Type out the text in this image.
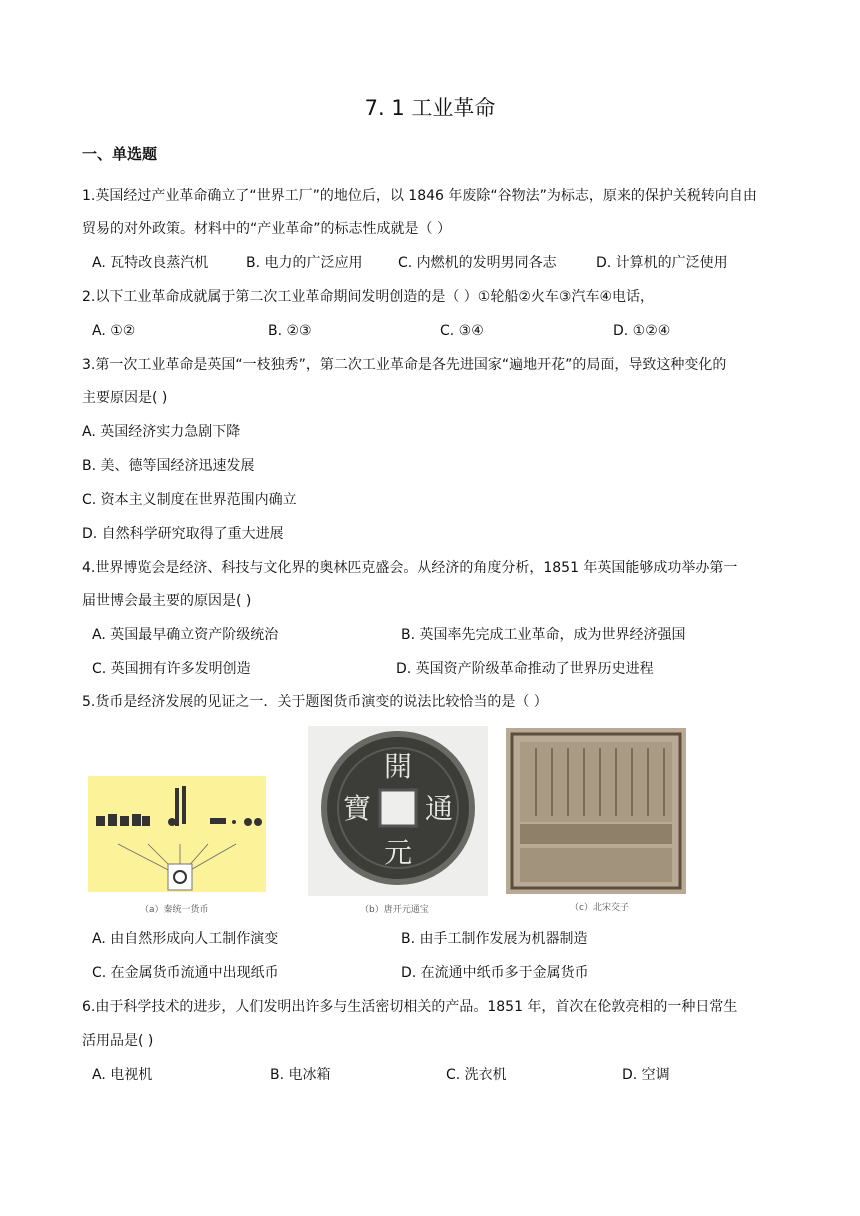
7. 1 工业革命
一、单选题
1.英国经过产业革命确立了“世界工厂”的地位后，以 1846 年废除“谷物法”为标志，原来的保护关税转向自由
贸易的对外政策。材料中的“产业革命”的标志性成就是（ ）
A. 瓦特改良蒸汽机	B. 电力的广泛应用	C. 内燃机的发明男同各志	D. 计算机的广泛使用
2.以下工业革命成就属于第二次工业革命期间发明创造的是（ ）①轮船②火车③汽车④电话，
A. ①②	B. ②③	C. ③④	D. ①②④
3.第一次工业革命是英国“一枝独秀”，第二次工业革命是各先进国家“遍地开花”的局面，导致这种变化的
主要原因是( )
A. 英国经济实力急剧下降
B. 美、德等国经济迅速发展
C. 资本主义制度在世界范围内确立
D. 自然科学研究取得了重大进展
4.世界博览会是经济、科技与文化界的奥林匹克盛会。从经济的角度分析，1851 年英国能够成功举办第一
届世博会最主要的原因是( )
A. 英国最早确立资产阶级统治	B. 英国率先完成工业革命，成为世界经济强国
C. 英国拥有许多发明创造	D. 英国资产阶级革命推动了世界历史进程
5.货币是经济发展的见证之一．关于题图货币演变的说法比较恰当的是（ ）
（a）秦统一货币
開
元
通
寶
（b）唐开元通宝	（c）北宋交子
A. 由自然形成向人工制作演变	B. 由手工制作发展为机器制造
C. 在金属货币流通中出现纸币	D. 在流通中纸币多于金属货币
6.由于科学技术的进步，人们发明出许多与生活密切相关的产品。1851 年，首次在伦敦亮相的一种日常生
活用品是( )
A. 电视机	B. 电冰箱	C. 洗衣机	D. 空调
